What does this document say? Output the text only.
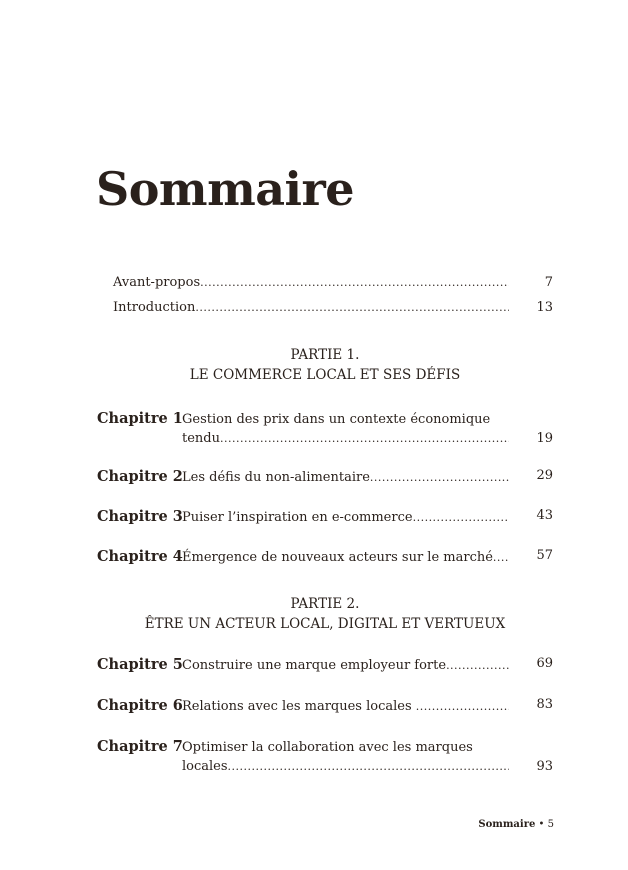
Sommaire
Avant-propos .....	7
Introduction .....	13
PARTIE 1.
LE COMMERCE LOCAL ET SES DÉFIS
Chapitre 1 Gestion des prix dans un contexte économique
tendu .....	19
Chapitre 2 Les défis du non-alimentaire .....	29
Chapitre 3 Puiser l’inspiration en e-commerce .....	43
Chapitre 4 Émergence de nouveaux acteurs sur le marché .....	57
PARTIE 2.
ÊTRE UN ACTEUR LOCAL, DIGITAL ET VERTUEUX
Chapitre 5 Construire une marque employeur forte .....	69
Chapitre 6 Relations avec les marques locales .....	83
Chapitre 7 Optimiser la collaboration avec les marques
locales .....	93
Sommaire • 5
